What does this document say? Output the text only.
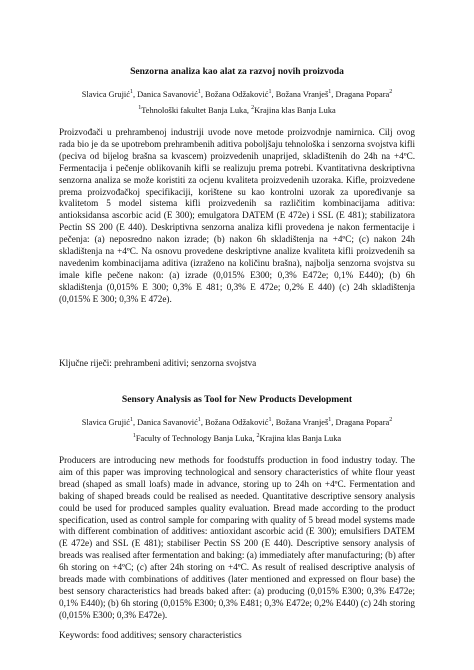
Senzorna analiza kao alat za razvoj novih proizvoda
Slavica Grujić$^1$, Danica Savanović$^1$, Božana Odžaković$^1$, Božana Vranješ$^1$, Dragana Popara$^2$
$^1$Tehnološki fakultet Banja Luka, $^2$Krajina klas Banja Luka
Proizvođači u prehrambenoj industriji uvode nove metode proizvodnje namirnica. Cilj ovog rada bio je da se upotrebom prehrambenih aditiva poboljšaju tehnološka i senzorna svojstva kifli (peciva od bijelog brašna sa kvascem) proizvedenih unaprijed, skladištenih do 24h na +4ºC. Fermentacija i pečenje oblikovanih kifli se realizuju prema potrebi. Kvantitativna deskriptivna senzorna analiza se može koristiti za ocjenu kvaliteta proizvedenih uzoraka. Kifle, proizvedene prema proizvođačkoj specifikaciji, korištene su kao kontrolni uzorak za upoređivanje sa kvalitetom 5 model sistema kifli proizvedenih sa različitim kombinacijama aditiva: antioksidansa ascorbic acid (E 300); emulgatora DATEM (E 472e) i SSL (E 481); stabilizatora Pectin SS 200 (E 440). Deskriptivna senzorna analiza kifli provedena je nakon fermentacije i pečenja: (a) neposredno nakon izrade; (b) nakon 6h skladištenja na +4ºC; (c) nakon 24h skladištenja na +4ºC. Na osnovu provedene deskriptivne analize kvaliteta kifli proizvedenih sa navedenim kombinacijama aditiva (izraženo na količinu brašna), najbolja senzorna svojstva su imale kifle pečene nakon: (a) izrade (0,015% E300; 0,3% E472e; 0,1% E440); (b) 6h skladištenja (0,015% E 300; 0,3% E 481; 0,3% E 472e; 0,2% E 440) (c) 24h skladištenja (0,015% E 300; 0,3% E 472e).
Ključne riječi: prehrambeni aditivi; senzorna svojstva
Sensory Analysis as Tool for New Products Development
Slavica Grujić$^1$, Danica Savanović$^1$, Božana Odžaković$^1$, Božana Vranješ$^1$, Dragana Popara$^2$
$^1$Faculty of Technology Banja Luka, $^2$Krajina klas Banja Luka
Producers are introducing new methods for foodstuffs production in food industry today. The aim of this paper was improving technological and sensory characteristics of white flour yeast bread (shaped as small loafs) made in advance, storing up to 24h on +4ºC. Fermentation and baking of shaped breads could be realised as needed. Quantitative descriptive sensory analysis could be used for produced samples quality evaluation. Bread made according to the product specification, used as control sample for comparing with quality of 5 bread model systems made with different combination of additives: antioxidant ascorbic acid (E 300); emulsifiers DATEM (E 472e) and SSL (E 481); stabiliser Pectin SS 200 (E 440). Descriptive sensory analysis of breads was realised after fermentation and baking: (a) immediately after manufacturing; (b) after 6h storing on +4ºC; (c) after 24h storing on +4ºC. As result of realised descriptive analysis of breads made with combinations of additives (later mentioned and expressed on flour base) the best sensory characteristics had breads baked after: (a) producing (0,015% E300; 0,3% E472e; 0,1% E440); (b) 6h storing (0,015% E300; 0,3% E481; 0,3% E472e; 0,2% E440) (c) 24h storing (0,015% E300; 0,3% E472e).
Keywords: food additives; sensory characteristics
